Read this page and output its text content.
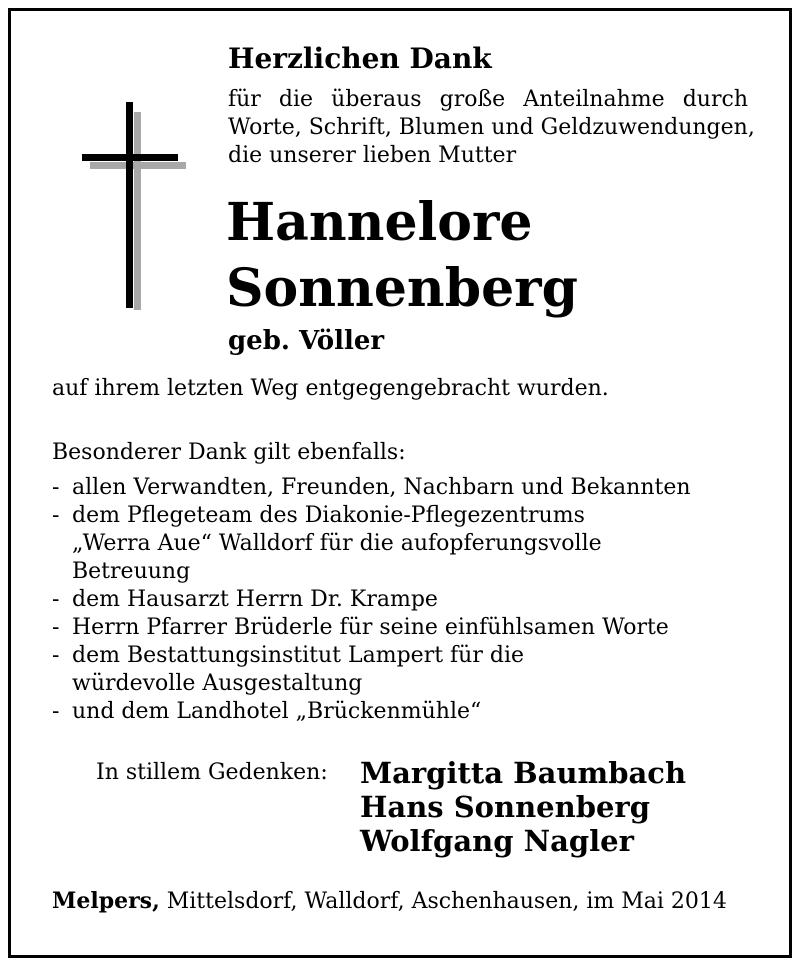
Herzlichen Dank
für die überaus große Anteilnahme durch
Worte, Schrift, Blumen und Geldzuwendungen,
die unserer lieben Mutter
Hannelore
Sonnenberg
geb. Völler
auf ihrem letzten Weg entgegengebracht wurden.
Besonderer Dank gilt ebenfalls:
- allen Verwandten, Freunden, Nachbarn und Bekannten
- dem Pflegeteam des Diakonie-Pflegezentrums
„Werra Aue“ Walldorf für die aufopferungsvolle
Betreuung
- dem Hausarzt Herrn Dr. Krampe
- Herrn Pfarrer Brüderle für seine einfühlsamen Worte
- dem Bestattungsinstitut Lampert für die
würdevolle Ausgestaltung
- und dem Landhotel „Brückenmühle“
In stillem Gedenken: Margitta Baumbach
Hans Sonnenberg
Wolfgang Nagler
Melpers, Mittelsdorf, Walldorf, Aschenhausen, im Mai 2014
